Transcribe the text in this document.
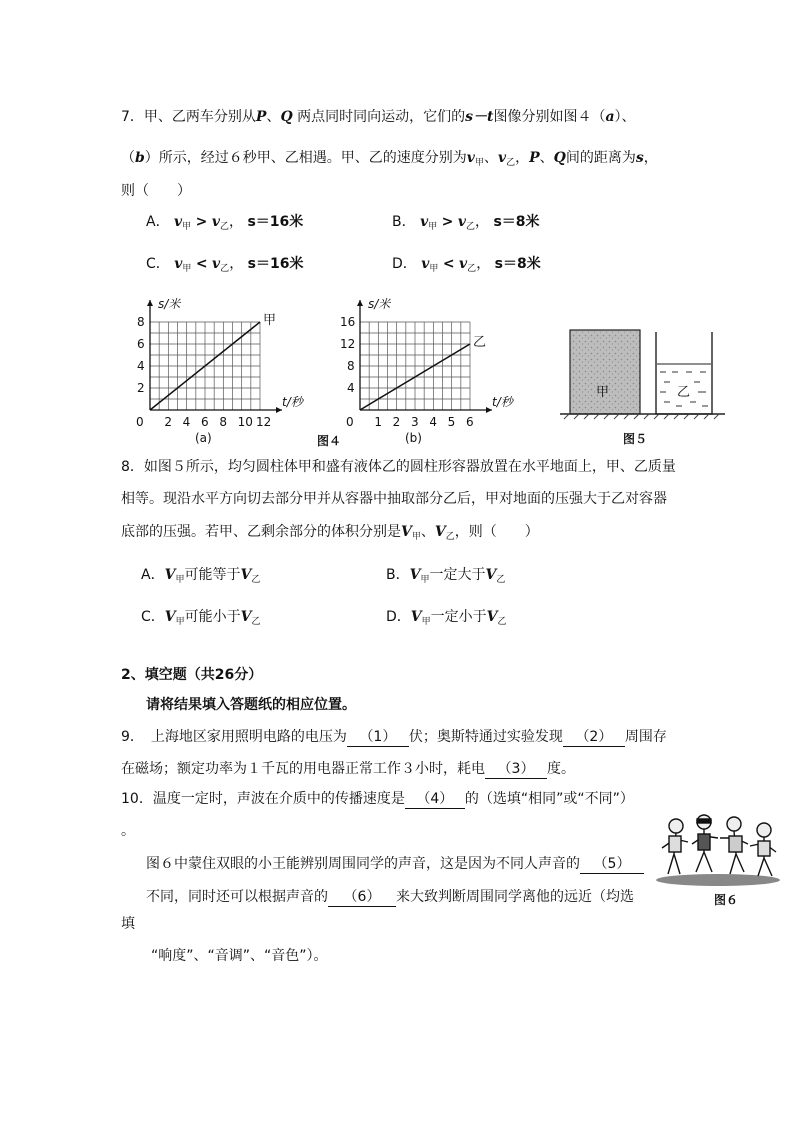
7．甲、乙两车分别从P、Q 两点同时同向运动，它们的s－t图像分别如图４（a）、
（b）所示，经过６秒甲、乙相遇。甲、乙的速度分别为$v_甲$、$v_乙$，P、Q间的距离为s，
则（　　）
A． $v_甲 > v_乙$， s＝16米	B． $v_甲 > v_乙$， s＝8米
C． $v_甲 < v_乙$， s＝16米	D． $v_甲 < v_乙$， s＝8米
0 2 4 6 8 10 12
2
4
6
8
s/米
t/秒
甲
(a)
0 1 2 3 4 5 6
4
8
12
16
s/米
t/秒
乙
(b)
图４
甲	乙
图５
8．如图５所示，均匀圆柱体甲和盛有液体乙的圆柱形容器放置在水平地面上，甲、乙质量
相等。现沿水平方向切去部分甲并从容器中抽取部分乙后，甲对地面的压强大于乙对容器
底部的压强。若甲、乙剩余部分的体积分别是$V_甲$、$V_乙$，则（　　）
A．$V_甲$可能等于$V_乙$	B．$V_甲$一定大于$V_乙$
C．$V_甲$可能小于$V_乙$	D．$V_甲$一定小于$V_乙$
2、填空题（共26分）
请将结果填入答题纸的相应位置。
9．　上海地区家用照明电路的电压为 （1） 伏；奥斯特通过实验发现 （2） 周围存
在磁场；额定功率为１千瓦的用电器正常工作３小时，耗电 （3） 度。
10．温度一定时，声波在介质中的传播速度是 （4） 的（选填“相同”或“不同”）
。
图６中蒙住双眼的小王能辨别周围同学的声音，这是因为不同人声音的 （5）
不同，同时还可以根据声音的 （6） 来大致判断周围同学离他的远近（均选
填
“响度”、“音调”、“音色”）。
图６
